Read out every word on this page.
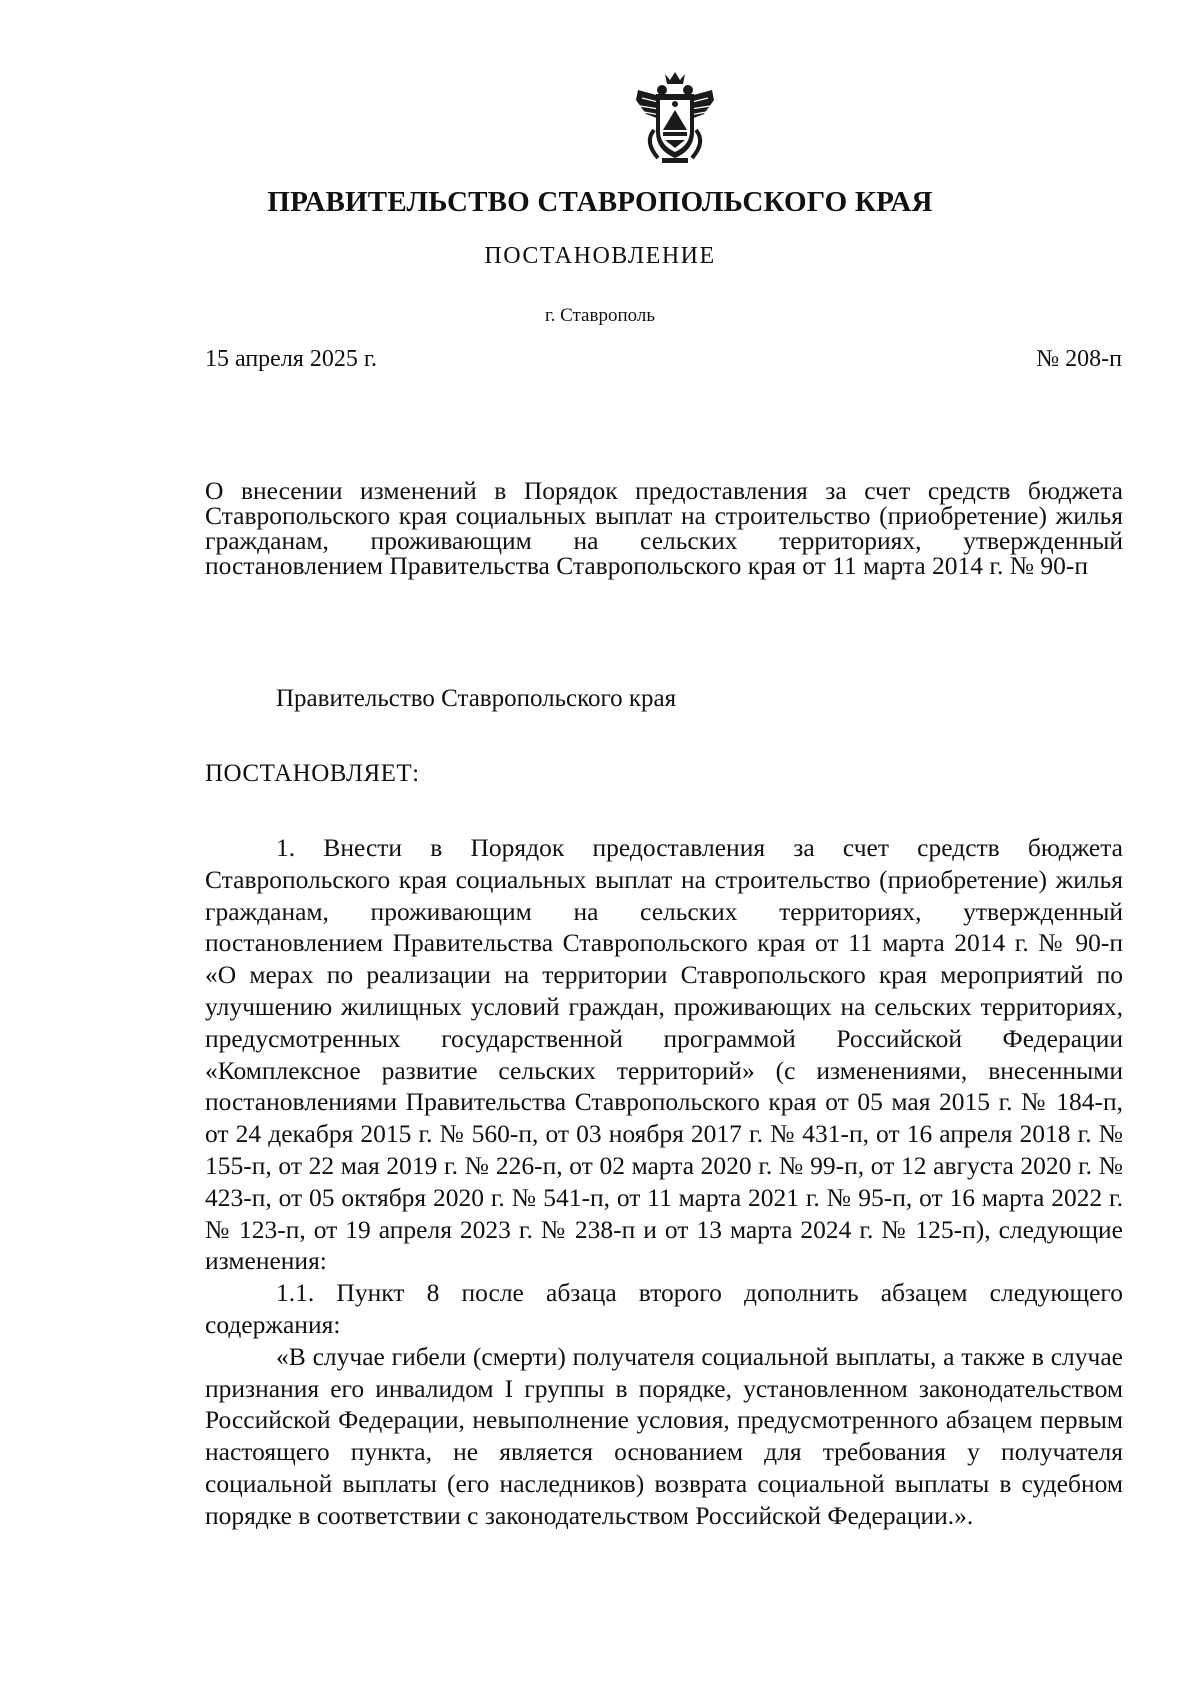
ПРАВИТЕЛЬСТВО СТАВРОПОЛЬСКОГО КРАЯ
ПОСТАНОВЛЕНИЕ
г. Ставрополь
15 апреля 2025 г.	№ 208-п

О внесении изменений в Порядок предоставления за счет средств бюджета Ставропольского края социальных выплат на строительство (приобретение) жилья гражданам, проживающим на сельских территориях, утвержденный постановлением Правительства Ставропольского края от 11 марта 2014 г. № 90-п

Правительство Ставропольского края
ПОСТАНОВЛЯЕТ:

1. Внести в Порядок предоставления за счет средств бюджета Ставропольского края социальных выплат на строительство (приобретение) жилья гражданам, проживающим на сельских территориях, утвержденный постановлением Правительства Ставропольского края от 11 марта 2014 г. № 90-п «О мерах по реализации на территории Ставропольского края мероприятий по улучшению жилищных условий граждан, проживающих на сельских территориях, предусмотренных государственной программой Российской Федерации «Комплексное развитие сельских территорий» (с изменениями, внесенными постановлениями Правительства Ставропольского края от 05 мая 2015 г. № 184-п, от 24 декабря 2015 г. № 560-п, от 03 ноября 2017 г. № 431-п, от 16 апреля 2018 г. № 155-п, от 22 мая 2019 г. № 226-п, от 02 марта 2020 г. № 99-п, от 12 августа 2020 г. № 423-п, от 05 октября 2020 г. № 541-п, от 11 марта 2021 г. № 95-п, от 16 марта 2022 г. № 123-п, от 19 апреля 2023 г. № 238-п и от 13 марта 2024 г. № 125-п), следующие изменения:

1.1. Пункт 8 после абзаца второго дополнить абзацем следующего содержания:

«В случае гибели (смерти) получателя социальной выплаты, а также в случае признания его инвалидом I группы в порядке, установленном законодательством Российской Федерации, невыполнение условия, предусмотренного абзацем первым настоящего пункта, не является основанием для требования у получателя социальной выплаты (его наследников) возврата социальной выплаты в судебном порядке в соответствии с законодательством Российской Федерации.».
